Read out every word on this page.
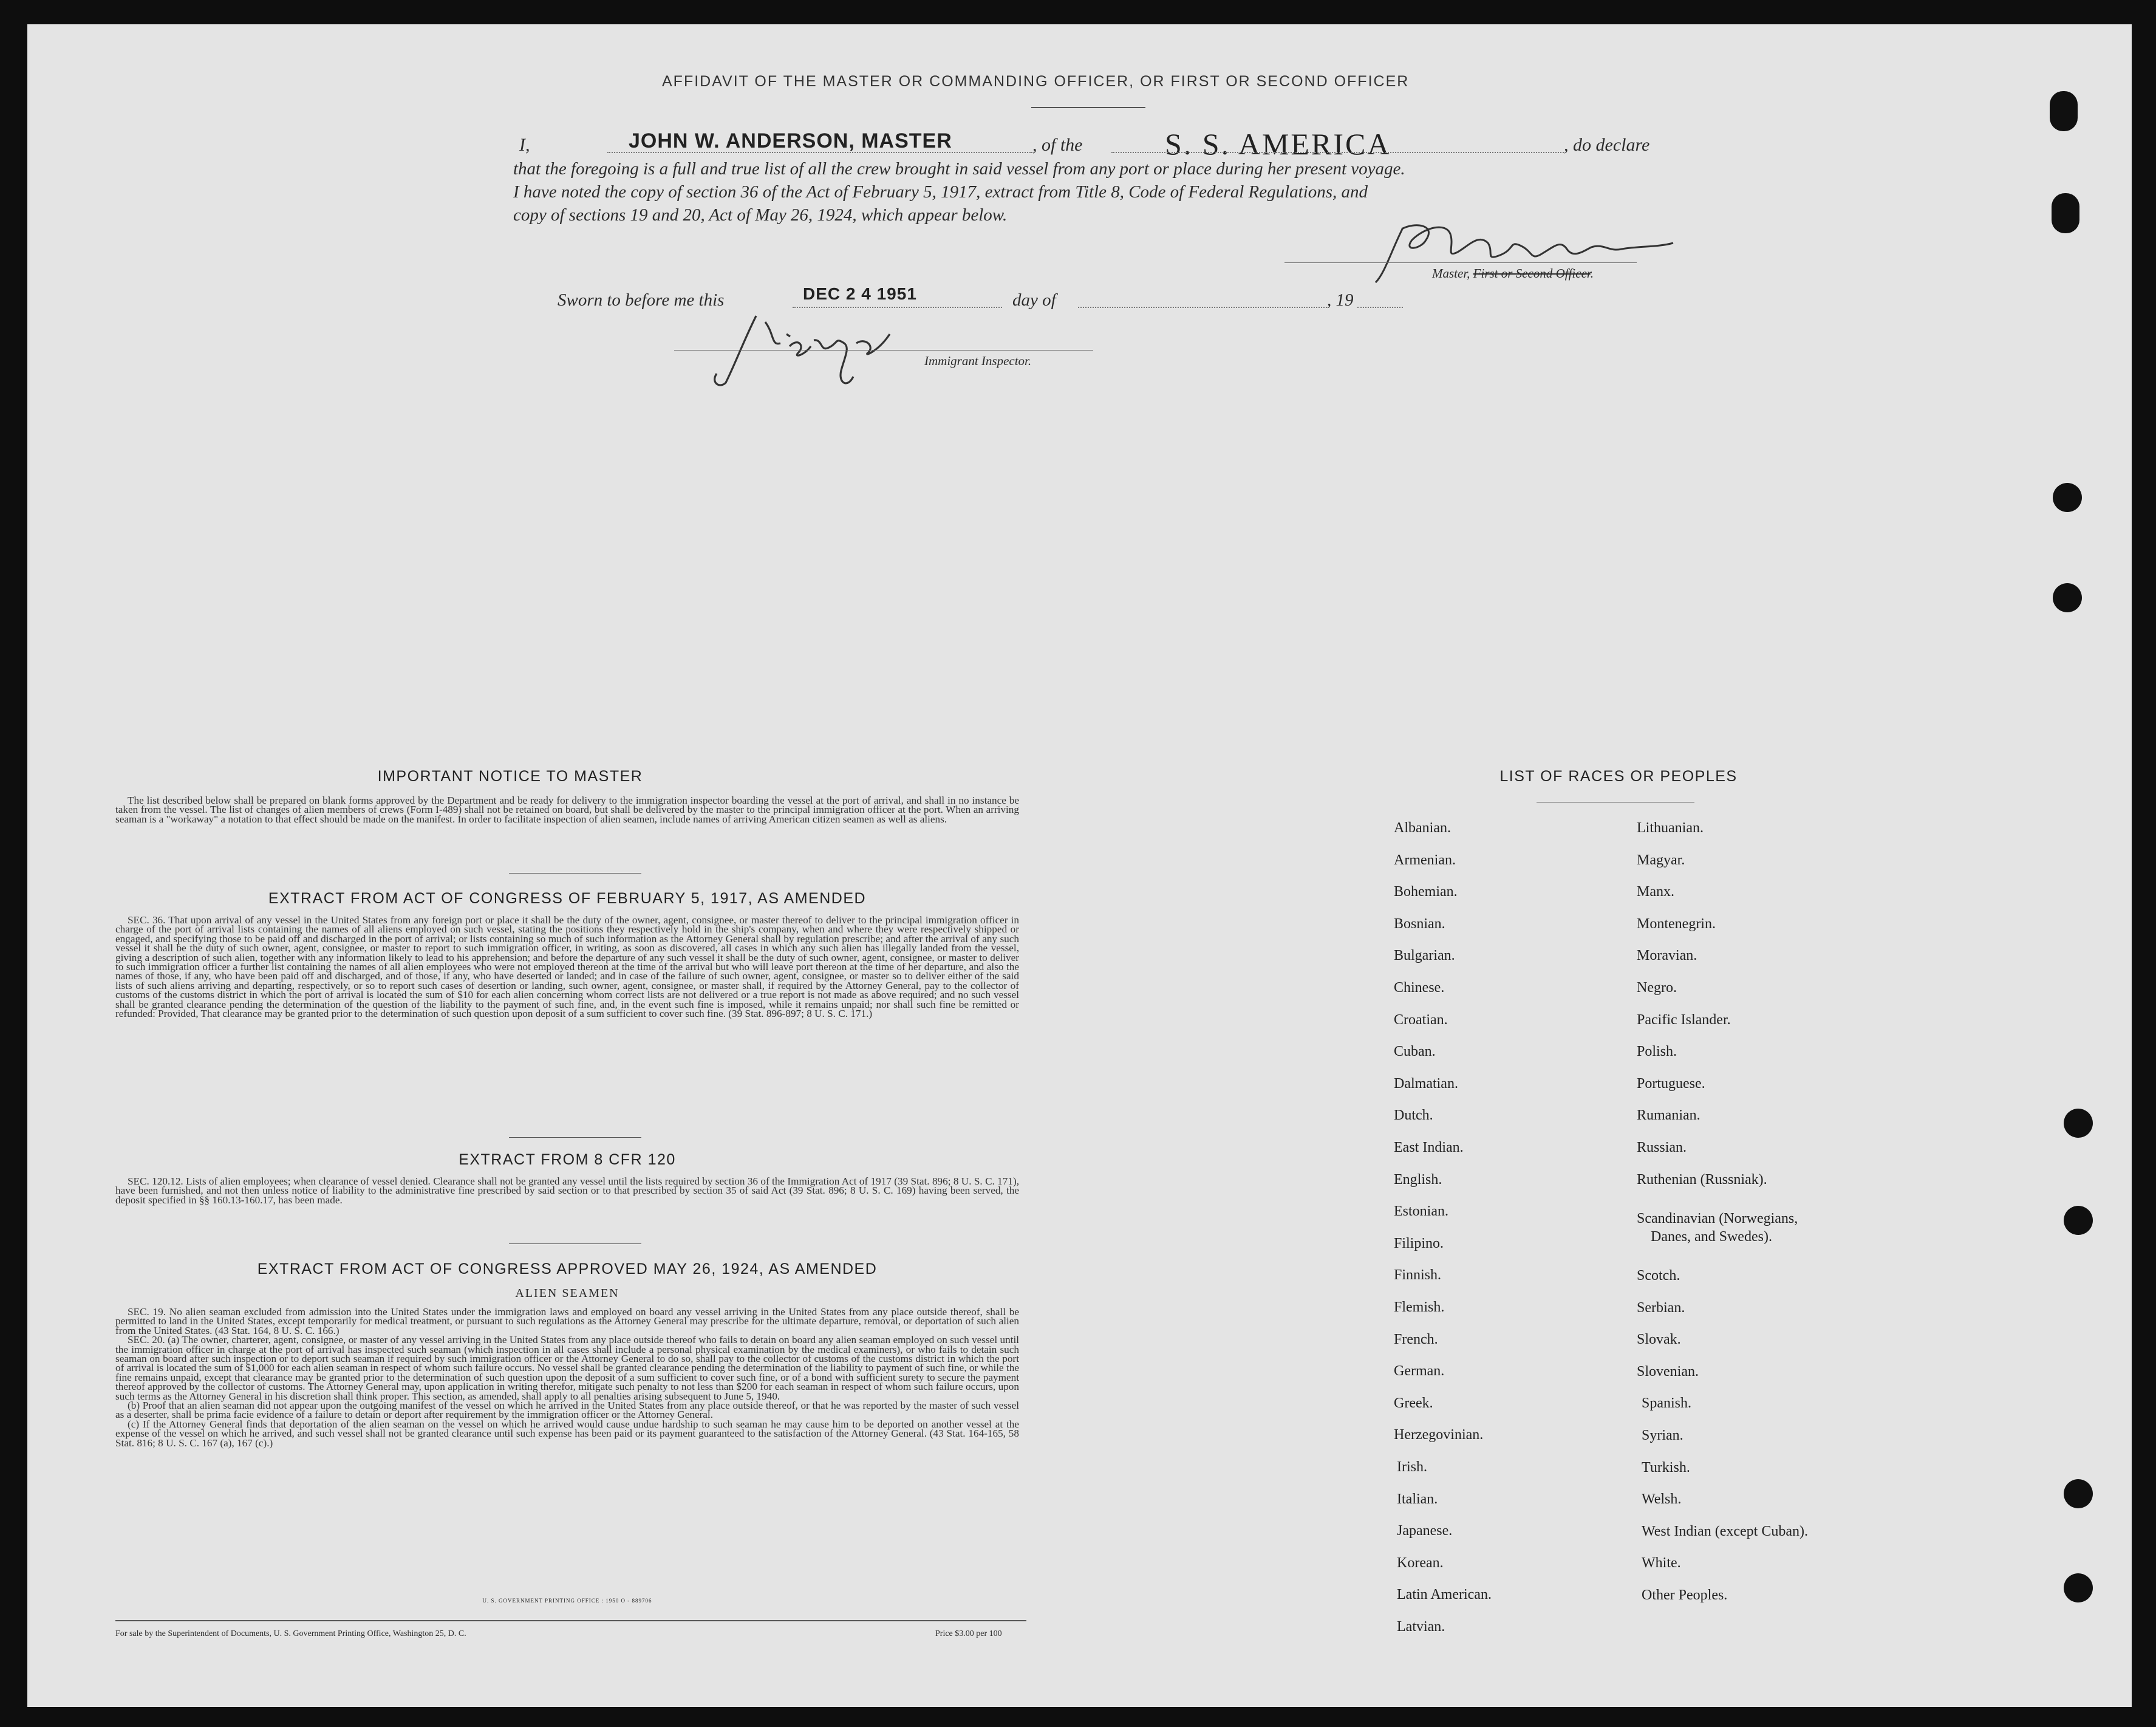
AFFIDAVIT OF THE MASTER OR COMMANDING OFFICER, OR FIRST OR SECOND OFFICER
I,	JOHN W. ANDERSON, MASTER	, of the	S. S. AMERICA	, do declare
that the foregoing is a full and true list of all the crew brought in said vessel from any port or place during her present voyage.
I have noted the copy of section 36 of the Act of February 5, 1917, extract from Title 8, Code of Federal Regulations, and
copy of sections 19 and 20, Act of May 26, 1924, which appear below.
Master, First or Second Officer.
Sworn to before me this	DEC 2 4 1951	day of	, 19
Immigrant Inspector.
IMPORTANT NOTICE TO MASTER

The list described below shall be prepared on blank forms approved by the Department and be ready for delivery to the immigration inspector boarding the vessel at the port of arrival, and shall in no instance be taken from the vessel. The list of changes of alien members of crews (Form I-489) shall not be retained on board, but shall be delivered by the master to the principal immigration officer at the port. When an arriving seaman is a "workaway" a notation to that effect should be made on the manifest. In order to facilitate inspection of alien seamen, include names of arriving American citizen seamen as well as aliens.

EXTRACT FROM ACT OF CONGRESS OF FEBRUARY 5, 1917, AS AMENDED

SEC. 36. That upon arrival of any vessel in the United States from any foreign port or place it shall be the duty of the owner, agent, consignee, or master thereof to deliver to the principal immigration officer in charge of the port of arrival lists containing the names of all aliens employed on such vessel, stating the positions they respectively hold in the ship's company, when and where they were respectively shipped or engaged, and specifying those to be paid off and discharged in the port of arrival; or lists containing so much of such information as the Attorney General shall by regulation prescribe; and after the arrival of any such vessel it shall be the duty of such owner, agent, consignee, or master to report to such immigration officer, in writing, as soon as discovered, all cases in which any such alien has illegally landed from the vessel, giving a description of such alien, together with any information likely to lead to his apprehension; and before the departure of any such vessel it shall be the duty of such owner, agent, consignee, or master to deliver to such immigration officer a further list containing the names of all alien employees who were not employed thereon at the time of the arrival but who will leave port thereon at the time of her departure, and also the names of those, if any, who have been paid off and discharged, and of those, if any, who have deserted or landed; and in case of the failure of such owner, agent, consignee, or master so to deliver either of the said lists of such aliens arriving and departing, respectively, or so to report such cases of desertion or landing, such owner, agent, consignee, or master shall, if required by the Attorney General, pay to the collector of customs of the customs district in which the port of arrival is located the sum of $10 for each alien concerning whom correct lists are not delivered or a true report is not made as above required; and no such vessel shall be granted clearance pending the determination of the question of the liability to the payment of such fine, and, in the event such fine is imposed, while it remains unpaid; nor shall such fine be remitted or refunded: Provided, That clearance may be granted prior to the determination of such question upon deposit of a sum sufficient to cover such fine. (39 Stat. 896-897; 8 U. S. C. 171.)

EXTRACT FROM 8 CFR 120

SEC. 120.12. Lists of alien employees; when clearance of vessel denied. Clearance shall not be granted any vessel until the lists required by section 36 of the Immigration Act of 1917 (39 Stat. 896; 8 U. S. C. 171), have been furnished, and not then unless notice of liability to the administrative fine prescribed by said section or to that prescribed by section 35 of said Act (39 Stat. 896; 8 U. S. C. 169) having been served, the deposit specified in §§ 160.13-160.17, has been made.

EXTRACT FROM ACT OF CONGRESS APPROVED MAY 26, 1924, AS AMENDED
ALIEN SEAMEN

SEC. 19. No alien seaman excluded from admission into the United States under the immigration laws and employed on board any vessel arriving in the United States from any place outside thereof, shall be permitted to land in the United States, except temporarily for medical treatment, or pursuant to such regulations as the Attorney General may prescribe for the ultimate departure, removal, or deportation of such alien from the United States. (43 Stat. 164, 8 U. S. C. 166.)

SEC. 20. (a) The owner, charterer, agent, consignee, or master of any vessel arriving in the United States from any place outside thereof who fails to detain on board any alien seaman employed on such vessel until the immigration officer in charge at the port of arrival has inspected such seaman (which inspection in all cases shall include a personal physical examination by the medical examiners), or who fails to detain such seaman on board after such inspection or to deport such seaman if required by such immigration officer or the Attorney General to do so, shall pay to the collector of customs of the customs district in which the port of arrival is located the sum of $1,000 for each alien seaman in respect of whom such failure occurs. No vessel shall be granted clearance pending the determination of the liability to payment of such fine, or while the fine remains unpaid, except that clearance may be granted prior to the determination of such question upon the deposit of a sum sufficient to cover such fine, or of a bond with sufficient surety to secure the payment thereof approved by the collector of customs. The Attorney General may, upon application in writing therefor, mitigate such penalty to not less than $200 for each seaman in respect of whom such failure occurs, upon such terms as the Attorney General in his discretion shall think proper. This section, as amended, shall apply to all penalties arising subsequent to June 5, 1940.

(b) Proof that an alien seaman did not appear upon the outgoing manifest of the vessel on which he arrived in the United States from any place outside thereof, or that he was reported by the master of such vessel as a deserter, shall be prima facie evidence of a failure to detain or deport after requirement by the immigration officer or the Attorney General.

(c) If the Attorney General finds that deportation of the alien seaman on the vessel on which he arrived would cause undue hardship to such seaman he may cause him to be deported on another vessel at the expense of the vessel on which he arrived, and such vessel shall not be granted clearance until such expense has been paid or its payment guaranteed to the satisfaction of the Attorney General. (43 Stat. 164-165, 58 Stat. 816; 8 U. S. C. 167 (a), 167 (c).)

U. S. GOVERNMENT PRINTING OFFICE : 1950 O - 889706
For sale by the Superintendent of Documents, U. S. Government Printing Office, Washington 25, D. C.	Price $3.00 per 100
LIST OF RACES OR PEOPLES
Albanian.
Armenian.
Bohemian.
Bosnian.
Bulgarian.
Chinese.
Croatian.
Cuban.
Dalmatian.
Dutch.
East Indian.
English.
Estonian.
Filipino.
Finnish.
Flemish.
French.
German.
Greek.
Herzegovinian.
Irish.
Italian.
Japanese.
Korean.
Latin American.
Latvian.
Lithuanian.
Magyar.
Manx.
Montenegrin.
Moravian.
Negro.
Pacific Islander.
Polish.
Portuguese.
Rumanian.
Russian.
Ruthenian (Russniak).
Scandinavian (Norwegians,
Danes, and Swedes).
Scotch.
Serbian.
Slovak.
Slovenian.
Spanish.
Syrian.
Turkish.
Welsh.
West Indian (except Cuban).
White.
Other Peoples.
